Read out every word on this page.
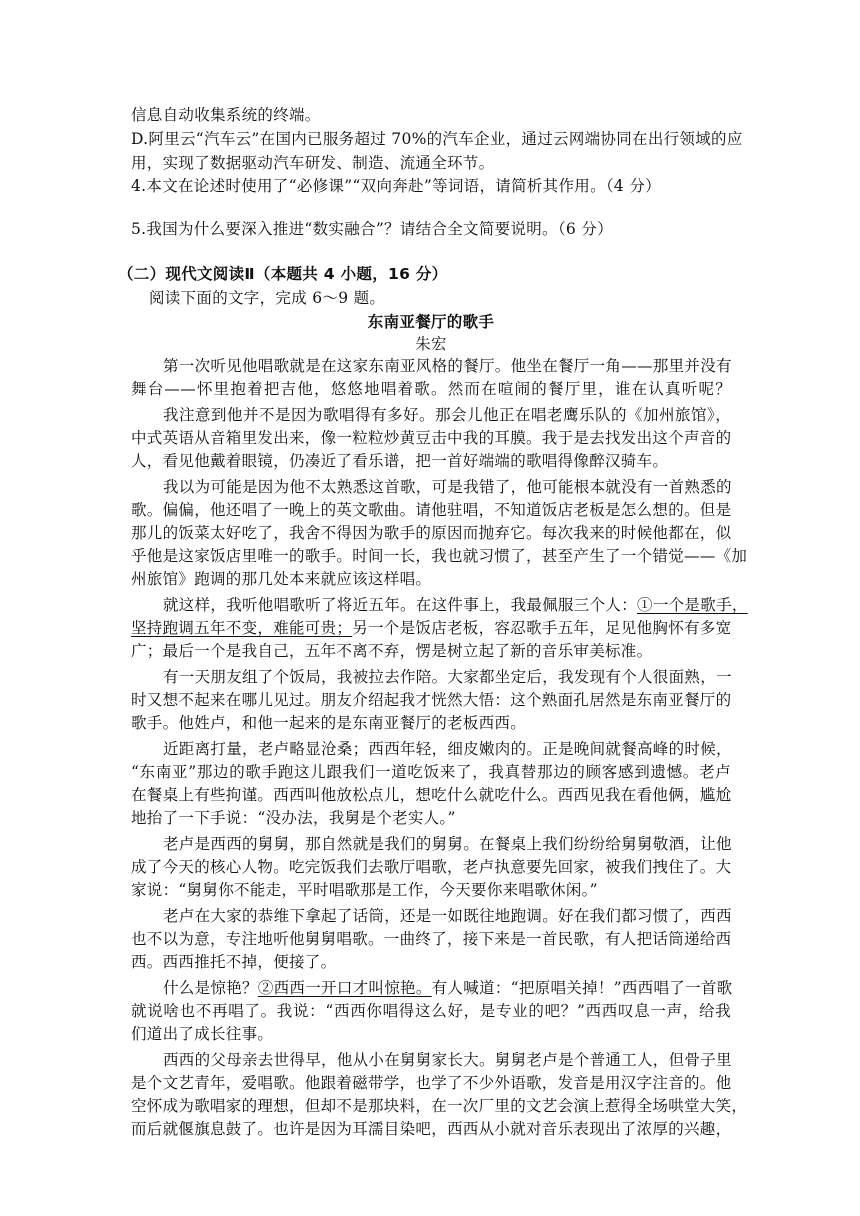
信息自动收集系统的终端。
D.阿里云“汽车云”在国内已服务超过 70%的汽车企业，通过云网端协同在出行领域的应
用，实现了数据驱动汽车研发、制造、流通全环节。
4.本文在论述时使用了“必修课”“双向奔赴”等词语，请简析其作用。（4 分）
5.我国为什么要深入推进“数实融合”？请结合全文简要说明。（6 分）
（二）现代文阅读Ⅱ（本题共 4 小题，16 分）
阅读下面的文字，完成 6～9 题。
东南亚餐厅的歌手
朱宏
第一次听见他唱歌就是在这家东南亚风格的餐厅。他坐在餐厅一角——那里并没有
舞台——怀里抱着把吉他，悠悠地唱着歌。然而在喧闹的餐厅里，谁在认真听呢？
我注意到他并不是因为歌唱得有多好。那会儿他正在唱老鹰乐队的《加州旅馆》，
中式英语从音箱里发出来，像一粒粒炒黄豆击中我的耳膜。我于是去找发出这个声音的
人，看见他戴着眼镜，仍凑近了看乐谱，把一首好端端的歌唱得像醉汉骑车。
我以为可能是因为他不太熟悉这首歌，可是我错了，他可能根本就没有一首熟悉的
歌。偏偏，他还唱了一晚上的英文歌曲。请他驻唱，不知道饭店老板是怎么想的。但是
那儿的饭菜太好吃了，我舍不得因为歌手的原因而抛弃它。每次我来的时候他都在，似
乎他是这家饭店里唯一的歌手。时间一长，我也就习惯了，甚至产生了一个错觉——《加
州旅馆》跑调的那几处本来就应该这样唱。
就这样，我听他唱歌听了将近五年。在这件事上，我最佩服三个人：①一个是歌手，
坚持跑调五年不变，难能可贵；另一个是饭店老板，容忍歌手五年，足见他胸怀有多宽
广；最后一个是我自己，五年不离不弃，愣是树立起了新的音乐审美标准。
有一天朋友组了个饭局，我被拉去作陪。大家都坐定后，我发现有个人很面熟，一
时又想不起来在哪儿见过。朋友介绍起我才恍然大悟：这个熟面孔居然是东南亚餐厅的
歌手。他姓卢，和他一起来的是东南亚餐厅的老板西西。
近距离打量，老卢略显沧桑；西西年轻，细皮嫩肉的。正是晚间就餐高峰的时候，
“东南亚”那边的歌手跑这儿跟我们一道吃饭来了，我真替那边的顾客感到遗憾。老卢
在餐桌上有些拘谨。西西叫他放松点儿，想吃什么就吃什么。西西见我在看他俩，尴尬
地抬了一下手说：“没办法，我舅是个老实人。”
老卢是西西的舅舅，那自然就是我们的舅舅。在餐桌上我们纷纷给舅舅敬酒，让他
成了今天的核心人物。吃完饭我们去歌厅唱歌，老卢执意要先回家，被我们拽住了。大
家说：“舅舅你不能走，平时唱歌那是工作，今天要你来唱歌休闲。”
老卢在大家的恭维下拿起了话筒，还是一如既往地跑调。好在我们都习惯了，西西
也不以为意，专注地听他舅舅唱歌。一曲终了，接下来是一首民歌，有人把话筒递给西
西。西西推托不掉，便接了。
什么是惊艳？②西西一开口才叫惊艳。有人喊道：“把原唱关掉！”西西唱了一首歌
就说啥也不再唱了。我说：“西西你唱得这么好，是专业的吧？”西西叹息一声，给我
们道出了成长往事。
西西的父母亲去世得早，他从小在舅舅家长大。舅舅老卢是个普通工人，但骨子里
是个文艺青年，爱唱歌。他跟着磁带学，也学了不少外语歌，发音是用汉字注音的。他
空怀成为歌唱家的理想，但却不是那块料，在一次厂里的文艺会演上惹得全场哄堂大笑，
而后就偃旗息鼓了。也许是因为耳濡目染吧，西西从小就对音乐表现出了浓厚的兴趣，
